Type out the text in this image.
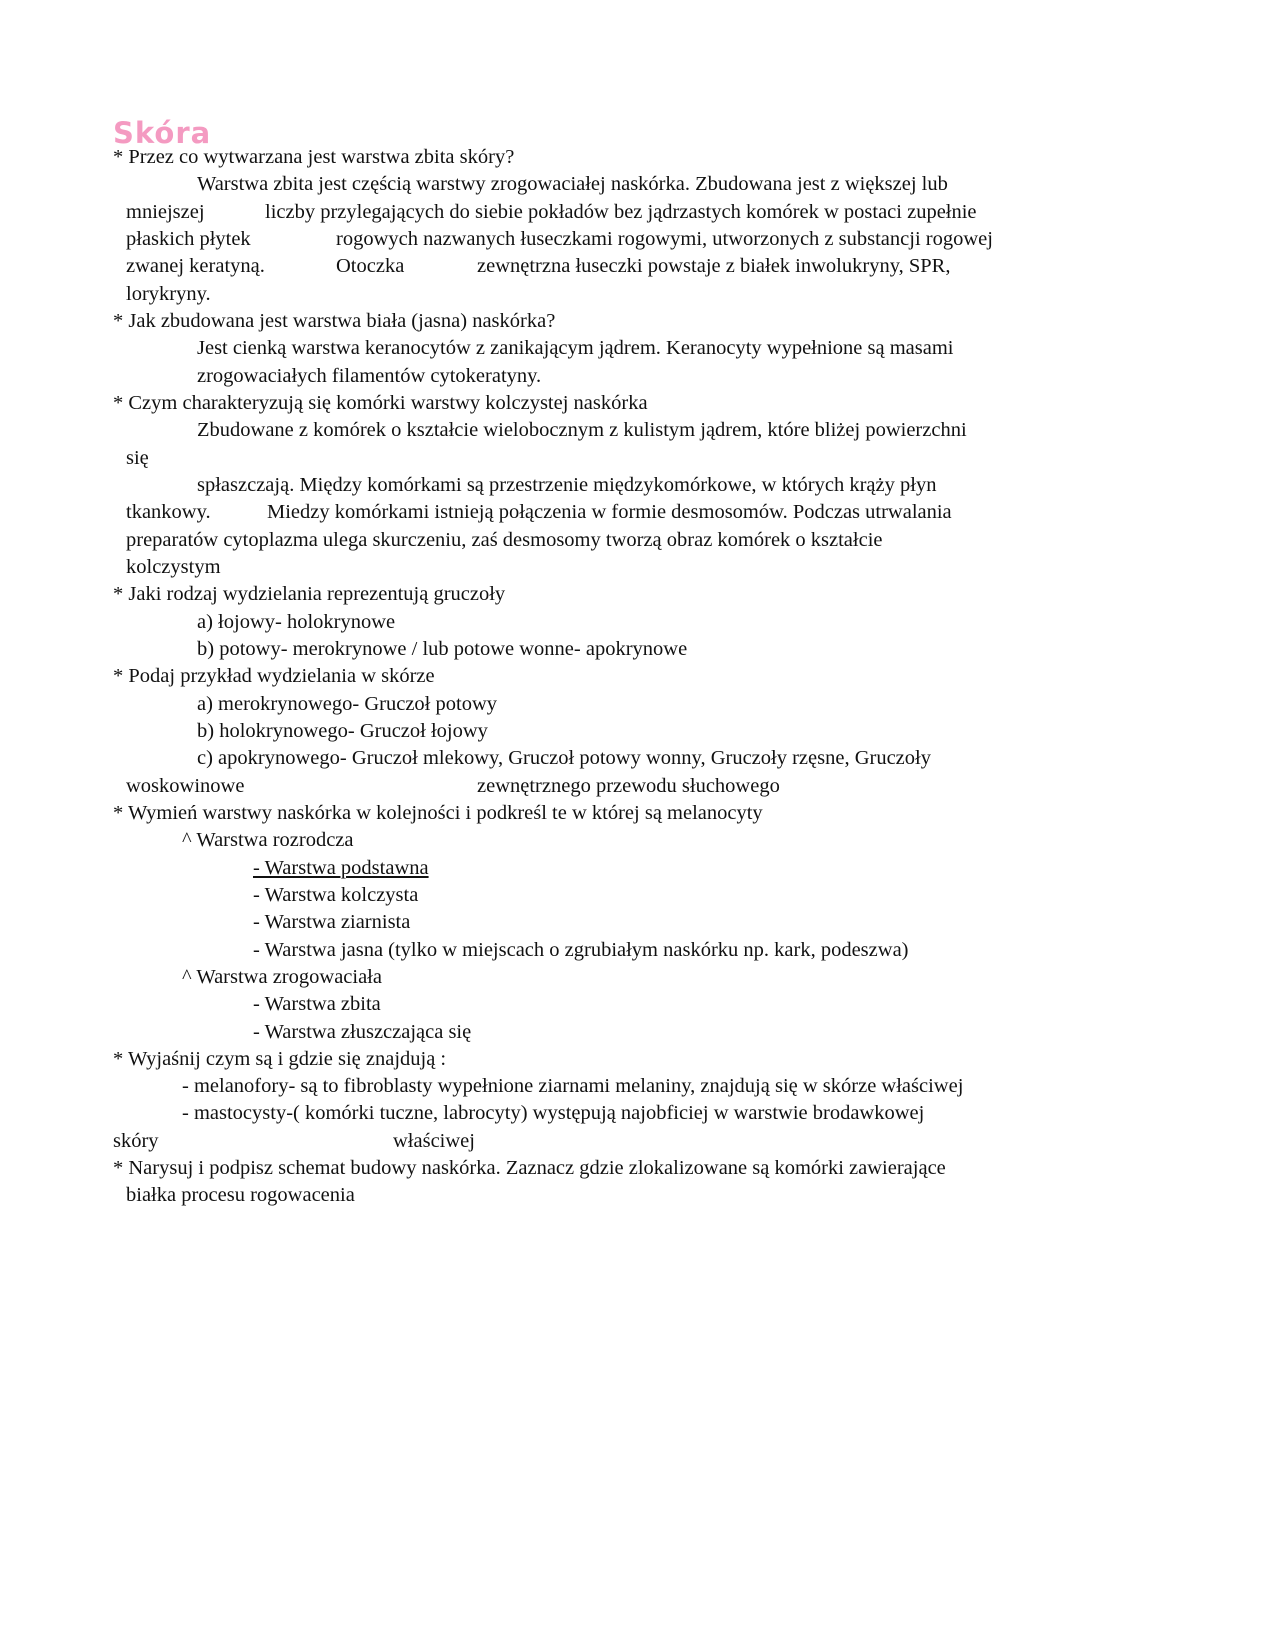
Skóra
* Przez co wytwarzana jest warstwa zbita skóry?
Warstwa zbita jest częścią warstwy zrogowaciałej naskórka. Zbudowana jest z większej lub
mniejszej	liczby przylegających do siebie pokładów bez jądrzastych komórek w postaci zupełnie
płaskich płytek	rogowych nazwanych łuseczkami rogowymi, utworzonych z substancji rogowej
zwanej keratyną.	Otoczka	zewnętrzna łuseczki powstaje z białek inwolukryny, SPR,
lorykryny.
* Jak zbudowana jest warstwa biała (jasna) naskórka?
Jest cienką warstwa keranocytów z zanikającym jądrem. Keranocyty wypełnione są masami
zrogowaciałych filamentów cytokeratyny.
* Czym charakteryzują się komórki warstwy kolczystej naskórka
Zbudowane z komórek o kształcie wielobocznym z kulistym jądrem, które bliżej powierzchni
się
spłaszczają. Między komórkami są przestrzenie międzykomórkowe, w których krąży płyn
tkankowy.	Miedzy komórkami istnieją połączenia w formie desmosomów. Podczas utrwalania
preparatów cytoplazma ulega skurczeniu, zaś desmosomy tworzą obraz komórek o kształcie
kolczystym
* Jaki rodzaj wydzielania reprezentują gruczoły
a) łojowy- holokrynowe
b) potowy- merokrynowe / lub potowe wonne- apokrynowe
* Podaj przykład wydzielania w skórze
a) merokrynowego- Gruczoł potowy
b) holokrynowego- Gruczoł łojowy
c) apokrynowego- Gruczoł mlekowy, Gruczoł potowy wonny, Gruczoły rzęsne, Gruczoły
woskowinowe	zewnętrznego przewodu słuchowego
* Wymień warstwy naskórka w kolejności i podkreśl te w której są melanocyty
^ Warstwa rozrodcza
- Warstwa podstawna
- Warstwa kolczysta
- Warstwa ziarnista
- Warstwa jasna (tylko w miejscach o zgrubiałym naskórku np. kark, podeszwa)
^ Warstwa zrogowaciała
- Warstwa zbita
- Warstwa złuszczająca się
* Wyjaśnij czym są i gdzie się znajdują :
- melanofory- są to fibroblasty wypełnione ziarnami melaniny, znajdują się w skórze właściwej
- mastocysty-( komórki tuczne, labrocyty) występują najobficiej w warstwie brodawkowej
skóry	właściwej
* Narysuj i podpisz schemat budowy naskórka. Zaznacz gdzie zlokalizowane są komórki zawierające
białka procesu rogowacenia
